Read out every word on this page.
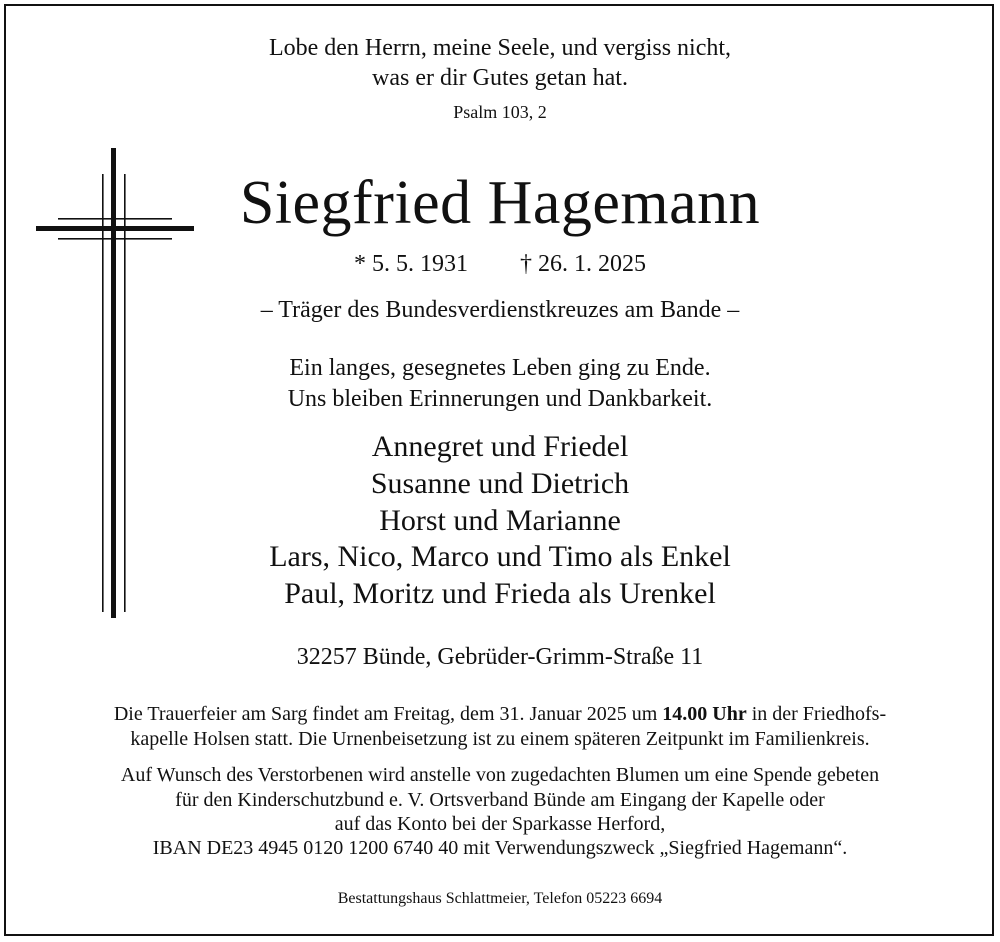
Lobe den Herrn, meine Seele, und vergiss nicht,
was er dir Gutes getan hat.
Psalm 103, 2
Siegfried Hagemann
* 5. 5. 1931 † 26. 1. 2025
– Träger des Bundesverdienstkreuzes am Bande –
Ein langes, gesegnetes Leben ging zu Ende.
Uns bleiben Erinnerungen und Dankbarkeit.
Annegret und Friedel
Susanne und Dietrich
Horst und Marianne
Lars, Nico, Marco und Timo als Enkel
Paul, Moritz und Frieda als Urenkel
32257 Bünde, Gebrüder-Grimm-Straße 11
Die Trauerfeier am Sarg findet am Freitag, dem 31. Januar 2025 um 14.00 Uhr in der Friedhofs-
kapelle Holsen statt. Die Urnenbeisetzung ist zu einem späteren Zeitpunkt im Familienkreis.
Auf Wunsch des Verstorbenen wird anstelle von zugedachten Blumen um eine Spende gebeten
für den Kinderschutzbund e. V. Ortsverband Bünde am Eingang der Kapelle oder
auf das Konto bei der Sparkasse Herford,
IBAN DE23 4945 0120 1200 6740 40 mit Verwendungszweck „Siegfried Hagemann“.
Bestattungshaus Schlattmeier, Telefon 05223 6694
